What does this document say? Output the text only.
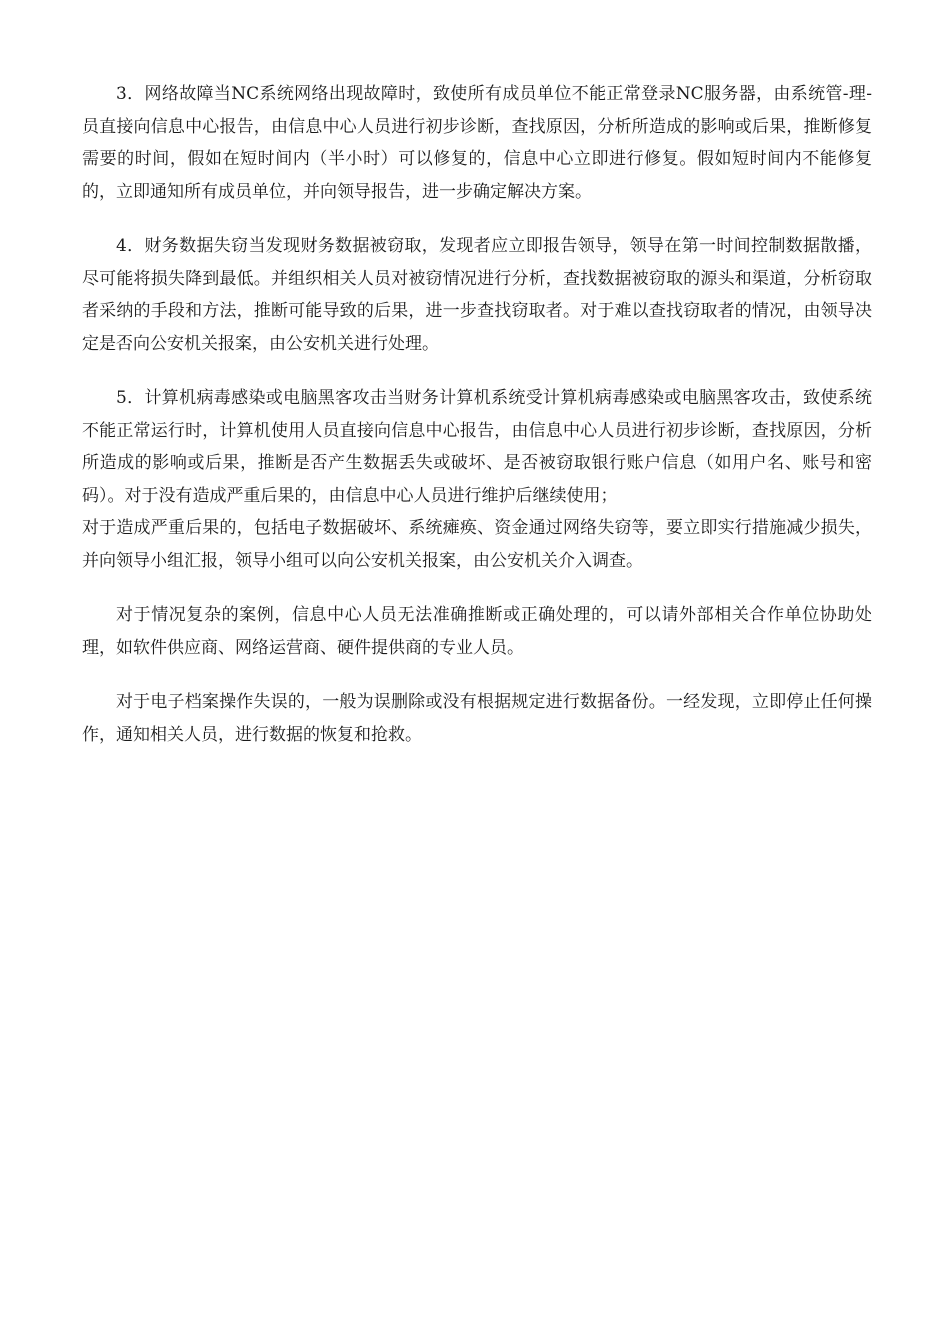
3．网络故障当NC系统网络出现故障时，致使所有成员单位不能正常登录NC服务器，由系统管-理-员直接向信息中心报告，由信息中心人员进行初步诊断，查找原因，分析所造成的影响或后果，推断修复需要的时间，假如在短时间内（半小时）可以修复的，信息中心立即进行修复。假如短时间内不能修复的，立即通知所有成员单位，并向领导报告，进一步确定解决方案。

4．财务数据失窃当发现财务数据被窃取，发现者应立即报告领导，领导在第一时间控制数据散播，尽可能将损失降到最低。并组织相关人员对被窃情况进行分析，查找数据被窃取的源头和渠道，分析窃取者采纳的手段和方法，推断可能导致的后果，进一步查找窃取者。对于难以查找窃取者的情况，由领导决定是否向公安机关报案，由公安机关进行处理。

5．计算机病毒感染或电脑黑客攻击当财务计算机系统受计算机病毒感染或电脑黑客攻击，致使系统不能正常运行时，计算机使用人员直接向信息中心报告，由信息中心人员进行初步诊断，查找原因，分析所造成的影响或后果，推断是否产生数据丢失或破坏、是否被窃取银行账户信息（如用户名、账号和密码）。对于没有造成严重后果的，由信息中心人员进行维护后继续使用；

对于造成严重后果的，包括电子数据破坏、系统瘫痪、资金通过网络失窃等，要立即实行措施减少损失，并向领导小组汇报，领导小组可以向公安机关报案，由公安机关介入调查。

对于情况复杂的案例，信息中心人员无法准确推断或正确处理的，可以请外部相关合作单位协助处理，如软件供应商、网络运营商、硬件提供商的专业人员。

对于电子档案操作失误的，一般为误删除或没有根据规定进行数据备份。一经发现，立即停止任何操作，通知相关人员，进行数据的恢复和抢救。
